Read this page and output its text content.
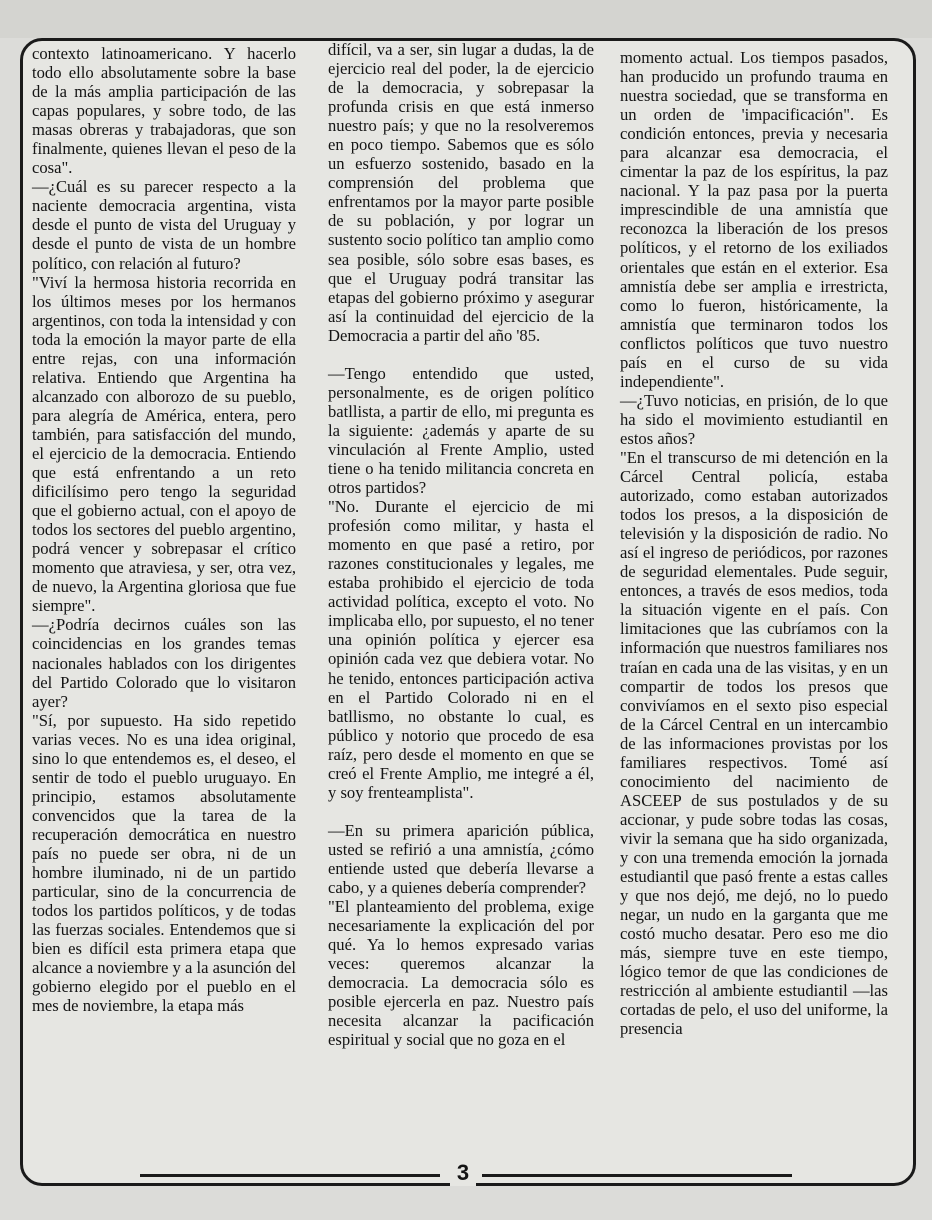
contexto latinoamericano. Y hacerlo todo ello absolutamente sobre la base de la más amplia participación de las capas populares, y sobre todo, de las masas obreras y trabajadoras, que son finalmente, quienes llevan el peso de la cosa".

—¿Cuál es su parecer respecto a la naciente democracia argentina, vista desde el punto de vista del Uruguay y desde el punto de vista de un hombre político, con relación al futuro?

"Viví la hermosa historia recorrida en los últimos meses por los hermanos argentinos, con toda la intensidad y con toda la emoción la mayor parte de ella entre rejas, con una información relativa. Entiendo que Argentina ha alcanzado con alborozo de su pueblo, para alegría de América, entera, pero también, para satisfacción del mundo, el ejercicio de la democracia. Entiendo que está enfrentando a un reto dificilísimo pero tengo la seguridad que el gobierno actual, con el apoyo de todos los sectores del pueblo argentino, podrá vencer y sobrepasar el crítico momento que atraviesa, y ser, otra vez, de nuevo, la Argentina gloriosa que fue siempre".

—¿Podría decirnos cuáles son las coincidencias en los grandes temas nacionales hablados con los dirigentes del Partido Colorado que lo visitaron ayer?

"Sí, por supuesto. Ha sido repetido varias veces. No es una idea original, sino lo que entendemos es, el deseo, el sentir de todo el pueblo uruguayo. En principio, estamos absolutamente convencidos que la tarea de la recuperación democrática en nuestro país no puede ser obra, ni de un hombre iluminado, ni de un partido particular, sino de la concurrencia de todos los partidos políticos, y de todas las fuerzas sociales. Entendemos que si bien es difícil esta primera etapa que alcance a noviembre y a la asunción del gobierno elegido por el pueblo en el mes de noviembre, la etapa más

difícil, va a ser, sin lugar a dudas, la de ejercicio real del poder, la de ejercicio de la democracia, y sobrepasar la profunda crisis en que está inmerso nuestro país; y que no la resolveremos en poco tiempo. Sabemos que es sólo un esfuerzo sostenido, basado en la comprensión del problema que enfrentamos por la mayor parte posible de su población, y por lograr un sustento socio político tan amplio como sea posible, sólo sobre esas bases, es que el Uruguay podrá transitar las etapas del gobierno próximo y asegurar así la continuidad del ejercicio de la Democracia a partir del año '85.

—Tengo entendido que usted, personalmente, es de origen político batllista, a partir de ello, mi pregunta es la siguiente: ¿además y aparte de su vinculación al Frente Amplio, usted tiene o ha tenido militancia concreta en otros partidos?

"No. Durante el ejercicio de mi profesión como militar, y hasta el momento en que pasé a retiro, por razones constitucionales y legales, me estaba prohibido el ejercicio de toda actividad política, excepto el voto. No implicaba ello, por supuesto, el no tener una opinión política y ejercer esa opinión cada vez que debiera votar. No he tenido, entonces participación activa en el Partido Colorado ni en el batllismo, no obstante lo cual, es público y notorio que procedo de esa raíz, pero desde el momento en que se creó el Frente Amplio, me integré a él, y soy frenteamplista".

—En su primera aparición pública, usted se refirió a una amnistía, ¿cómo entiende usted que debería llevarse a cabo, y a quienes debería comprender?

"El planteamiento del problema, exige necesariamente la explicación del por qué. Ya lo hemos expresado varias veces: queremos alcanzar la democracia. La democracia sólo es posible ejercerla en paz. Nuestro país necesita alcanzar la pacificación espiritual y social que no goza en el

momento actual. Los tiempos pasados, han producido un profundo trauma en nuestra sociedad, que se transforma en un orden de 'impacificación". Es condición entonces, previa y necesaria para alcanzar esa democracia, el cimentar la paz de los espíritus, la paz nacional. Y la paz pasa por la puerta imprescindible de una amnistía que reconozca la liberación de los presos políticos, y el retorno de los exiliados orientales que están en el exterior. Esa amnistía debe ser amplia e irrestricta, como lo fueron, históricamente, la amnistía que terminaron todos los conflictos políticos que tuvo nuestro país en el curso de su vida independiente".

—¿Tuvo noticias, en prisión, de lo que ha sido el movimiento estudiantil en estos años?

"En el transcurso de mi detención en la Cárcel Central policía, estaba autorizado, como estaban autorizados todos los presos, a la disposición de televisión y la disposición de radio. No así el ingreso de periódicos, por razones de seguridad elementales. Pude seguir, entonces, a través de esos medios, toda la situación vigente en el país. Con limitaciones que las cubríamos con la información que nuestros familiares nos traían en cada una de las visitas, y en un compartir de todos los presos que convivíamos en el sexto piso especial de la Cárcel Central en un intercambio de las informaciones provistas por los familiares respectivos. Tomé así conocimiento del nacimiento de ASCEEP de sus postulados y de su accionar, y pude sobre todas las cosas, vivir la semana que ha sido organizada, y con una tremenda emoción la jornada estudiantil que pasó frente a estas calles y que nos dejó, me dejó, no lo puedo negar, un nudo en la garganta que me costó mucho desatar. Pero eso me dio más, siempre tuve en este tiempo, lógico temor de que las condiciones de restricción al ambiente estudiantil —las cortadas de pelo, el uso del uniforme, la presencia

3
